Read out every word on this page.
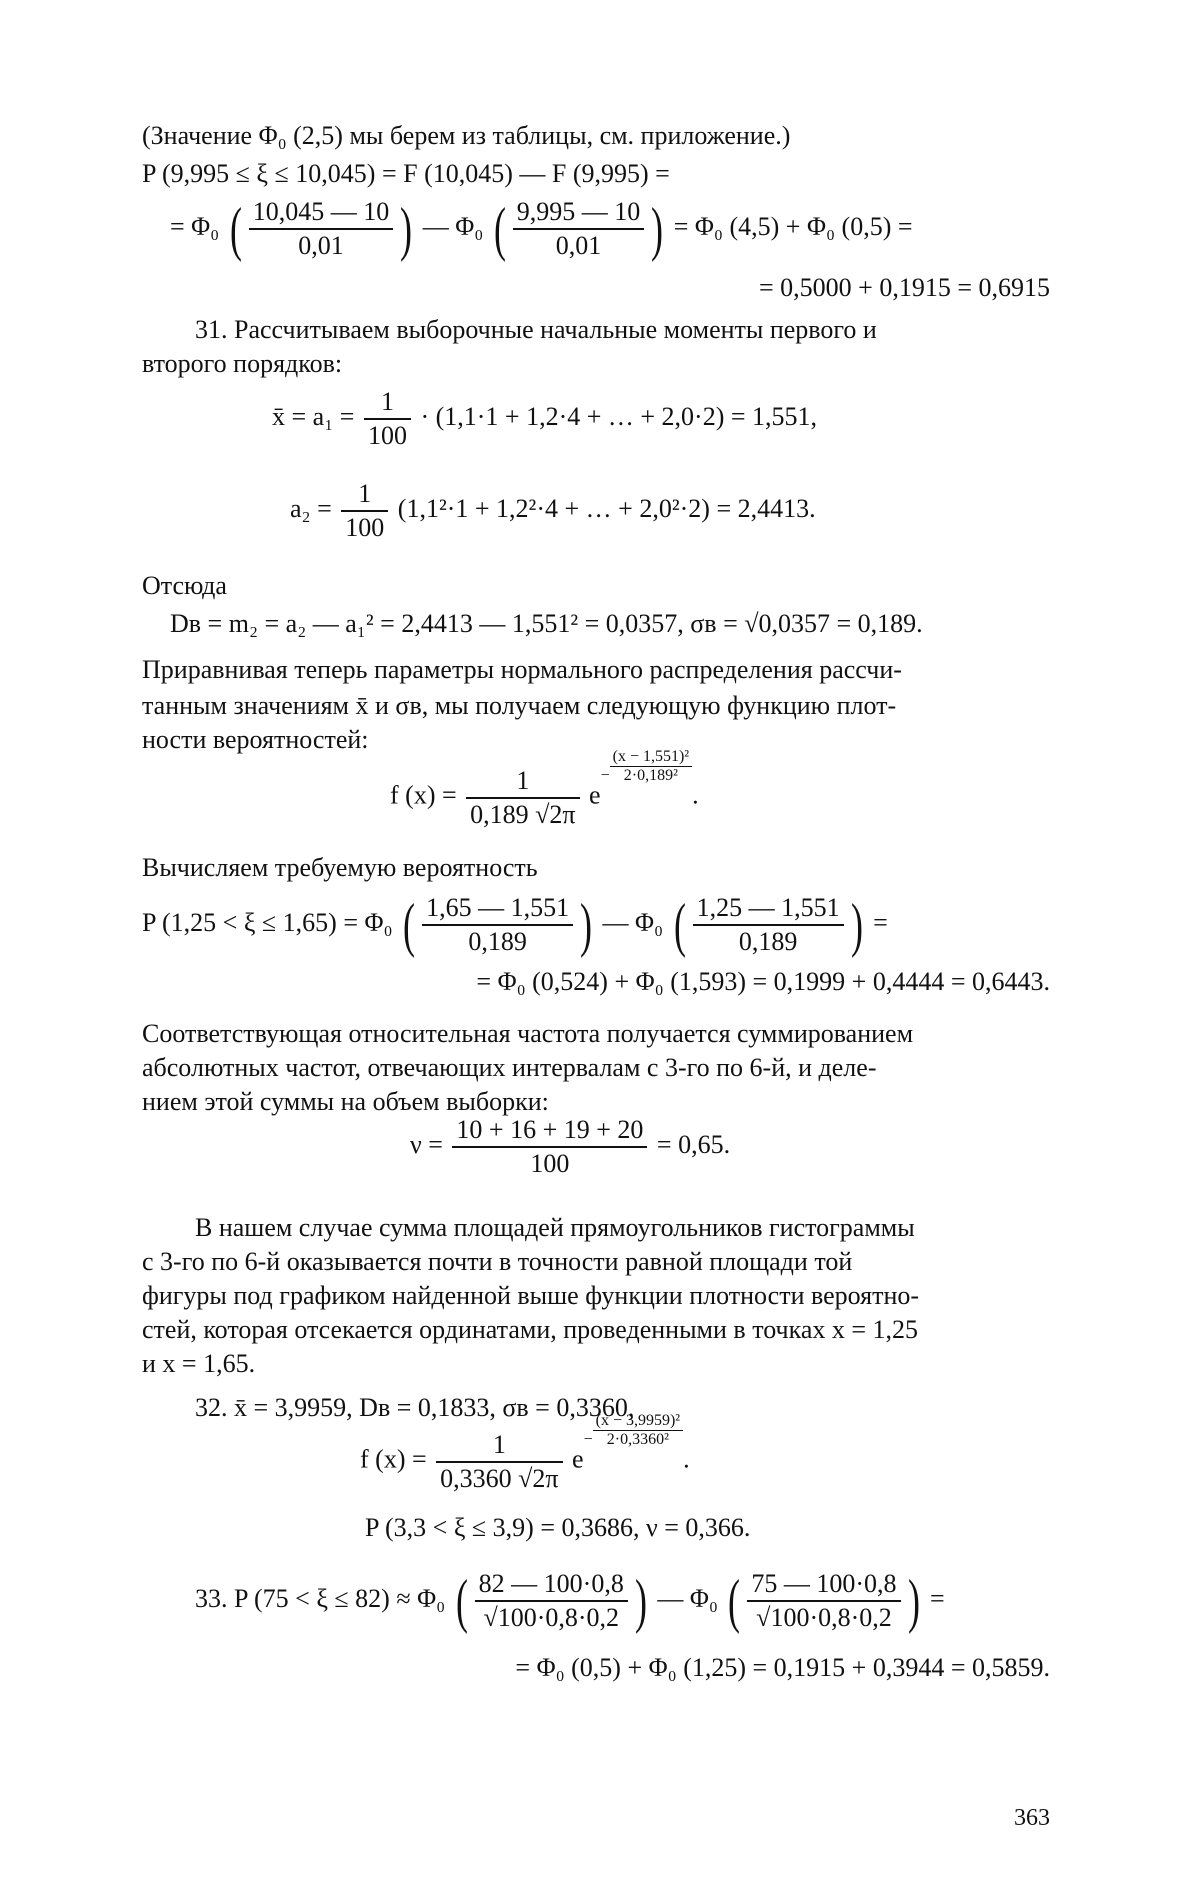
(Значение Φ₀ (2,5) мы берем из таблицы, см. приложение.)
P (9,995 ≤ ξ ≤ 10,045) = F (10,045) — F (9,995) =
= Φ₀ ( $\frac{10,045 — 10}{0,01}$ ) — Φ₀ ( $\frac{9,995 — 10}{0,01}$ ) = Φ₀ (4,5) + Φ₀ (0,5) =
= 0,5000 + 0,1915 = 0,6915
31. Рассчитываем выборочные начальные моменты первого и
второго порядков:
x̄ = $a_1 = \frac{1}{100} \cdot (1,1\cdot 1 + 1,2\cdot 4$ + … + 2,0·2) = 1,551,
$a_2 = \frac{1}{100} (1,1^2\cdot 1 + 1,2^2\cdot 4$ + … + 2,0²·2) = 2,4413.
Отсюда
Dв = m₂ = a₂ — a₁² = 2,4413 — 1,551² = 0,0357, σв = √0,0357 = 0,189.
Приравнивая теперь параметры нормального распределения рассчи-
танным значениям x̄ и σв, мы получаем следующую функцию плот-
ности вероятностей:
f $(x) = \frac{1}{0,189 √2\pi} e- \frac{\text{(x − 1,551)²}}{\text{2·0,189²}}$
.
Вычисляем требуемую вероятность
P (1,25 < ξ ≤ 1,65) = Φ₀ ( $\frac{1,65 — 1,551}{0,189}$ ) — Φ₀ ( $\frac{1,25 — 1,551}{0,189}$ ) =
= Φ₀ (0,524) + Φ₀ (1,593) = 0,1999 + 0,4444 = 0,6443.
Соответствующая относительная частота получается суммированием
абсолютных частот, отвечающих интервалам с 3-го по 6-й, и деле-
нием этой суммы на объем выборки:
$\nu = \frac{10 + 16 + 19 + 20}{100} = 0,65$.
В нашем случае сумма площадей прямоугольников гистограммы
с 3-го по 6-й оказывается почти в точности равной площади той
фигуры под графиком найденной выше функции плотности вероятно-
стей, которая отсекается ординатами, проведенными в точках x = 1,25
и x = 1,65.
32. x̄ = 3,9959, Dв = 0,1833, σв = 0,3360,
f $(x) = \frac{1}{0,3360 √2\pi} e- \frac{\text{(x − 3,9959)²}}{\text{2·0,3360²}}$
.
P (3,3 < ξ ≤ 3,9) = 0,3686, ν = 0,366.
33. P (75 < ξ ≤ 82) ≈ Φ₀ ( $\frac{82 — 100\cdot 0,8}{√100\cdot 0,8\cdot 0,2}$ ) — Φ₀ ( $\frac{75 — 100\cdot 0,8}{√100\cdot 0,8\cdot 0,2}$ ) =
= Φ₀ (0,5) + Φ₀ (1,25) = 0,1915 + 0,3944 = 0,5859.
363
